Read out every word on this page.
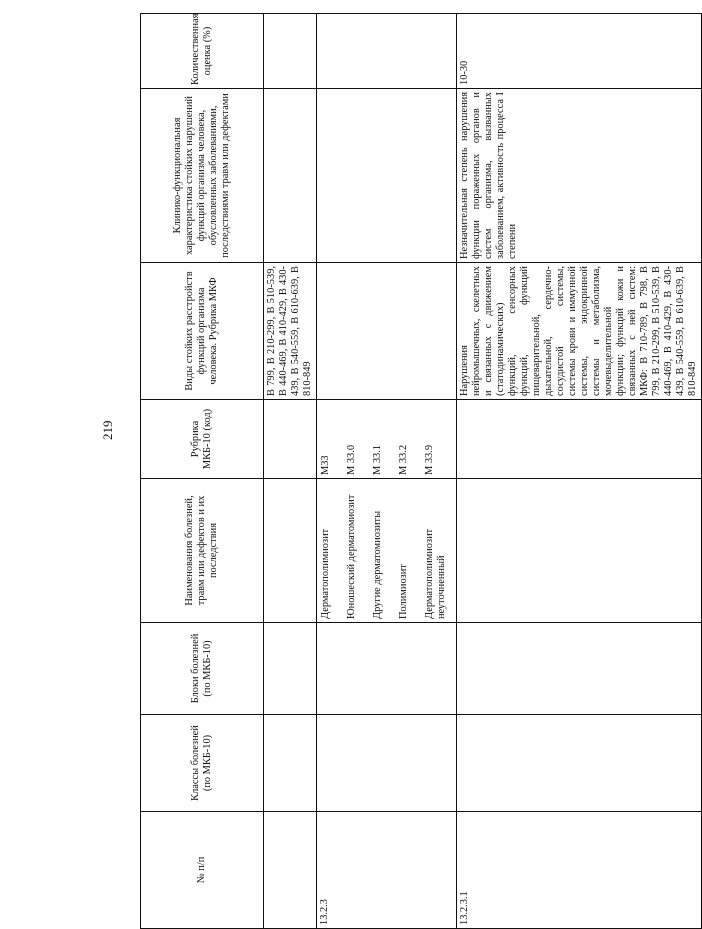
219
№ п/п	Классы болезней (по МКБ-10)	Блоки болезней (по МКБ-10)	Наименования болезней, травм или дефектов и их последствия	Рубрика МКБ-10 (код)	Виды стойких расстройств функций организма человека. Рубрика МКФ	Клинико-функциональная характеристика стойких нарушений функций организма человека, обусловленных заболеваниями, последствиями травм или дефектами	Количественная оценка (%)
					В 799, В 210-299, В 510-539, В 440-469, В 410-429, В 430-439, В 540-559, В 610-639, В 810-849		
13.2.3			Дерматополимиозит Юношеский дерматомиозит Другие дерматомиозиты Полимиозит Дерматополимиозит неуточненный	М33 М 33.0 М 33.1 М 33.2 М 33.9			

13.2.3.1					Нарушения нейромышечных, скелетных и связанных с движением (статодинамических) функций, сенсорных функций, функций пищеварительной, дыхательной, сердечно-сосудистой системы, системы крови и иммунной системы, эндокринной системы и метаболизма, мочевыделительной функции; функций кожи и связанных с ней систем: МКФ: В 710-789, В 798, В 799, В 210-299, В 510-539, В 440-469, В 410-429, В 430-439, В 540-559, В 610-639, В 810-849	Незначительная степень нарушения функции пораженных органов и систем организма, вызванных заболеванием, активность процесса I степени	10-30
